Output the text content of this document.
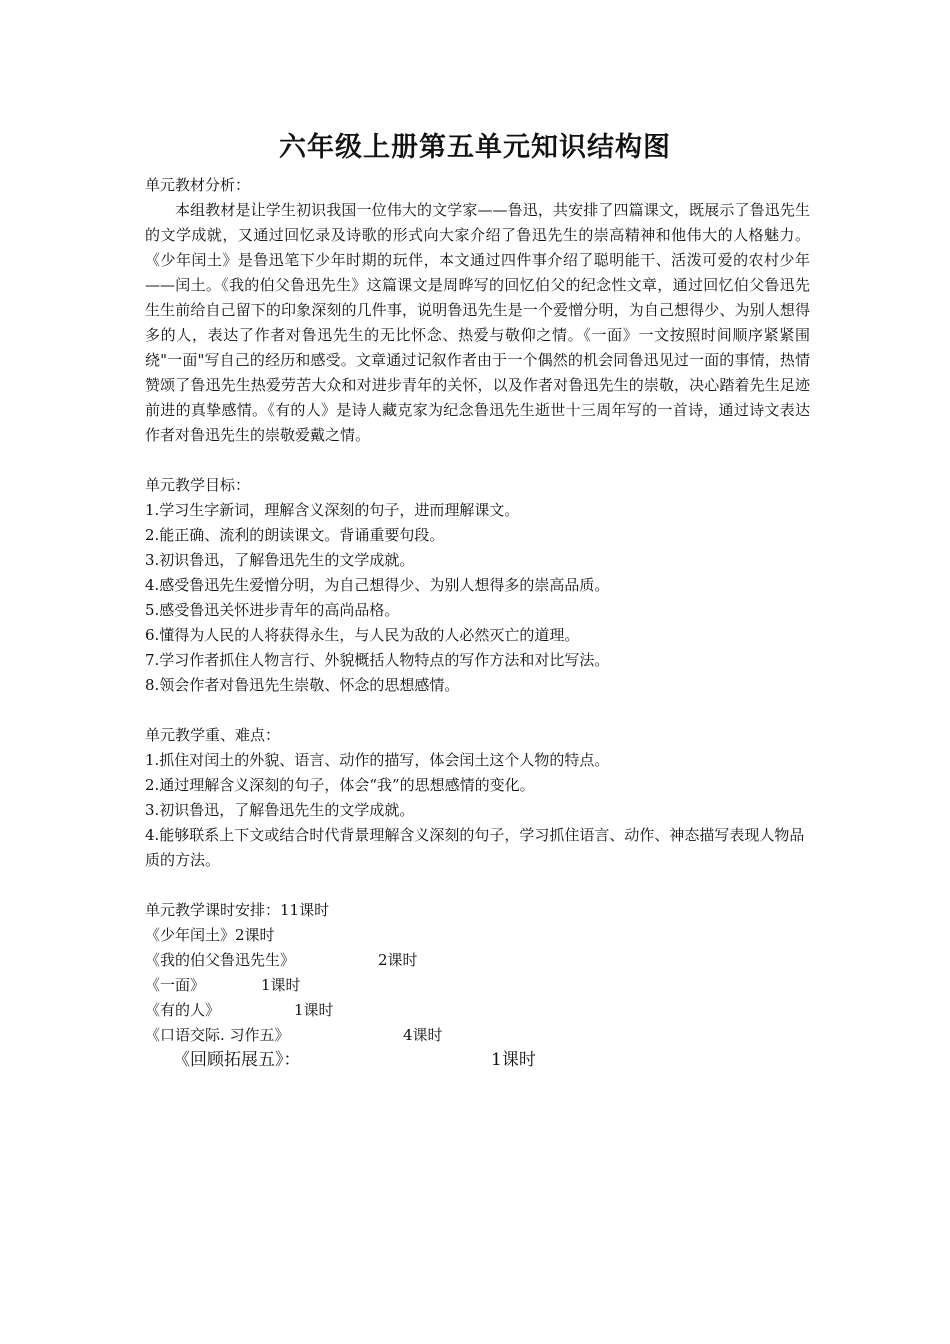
六年级上册第五单元知识结构图

单元教材分析：

本组教材是让学生初识我国一位伟大的文学家——鲁迅，共安排了四篇课文，既展示了鲁迅先生的文学成就，又通过回忆录及诗歌的形式向大家介绍了鲁迅先生的崇高精神和他伟大的人格魅力。《少年闰土》是鲁迅笔下少年时期的玩伴，本文通过四件事介绍了聪明能干、活泼可爱的农村少年——闰土。《我的伯父鲁迅先生》这篇课文是周晔写的回忆伯父的纪念性文章，通过回忆伯父鲁迅先生生前给自己留下的印象深刻的几件事，说明鲁迅先生是一个爱憎分明，为自己想得少、为别人想得多的人，表达了作者对鲁迅先生的无比怀念、热爱与敬仰之情。《一面》一文按照时间顺序紧紧围绕"一面"写自己的经历和感受。文章通过记叙作者由于一个偶然的机会同鲁迅见过一面的事情，热情赞颂了鲁迅先生热爱劳苦大众和对进步青年的关怀，以及作者对鲁迅先生的崇敬，决心踏着先生足迹前进的真挚感情。《有的人》是诗人藏克家为纪念鲁迅先生逝世十三周年写的一首诗，通过诗文表达作者对鲁迅先生的崇敬爱戴之情。

单元教学目标：

1.学习生字新词，理解含义深刻的句子，进而理解课文。

2.能正确、流利的朗读课文。背诵重要句段。

3.初识鲁迅，了解鲁迅先生的文学成就。

4.感受鲁迅先生爱憎分明，为自己想得少、为别人想得多的崇高品质。

5.感受鲁迅关怀进步青年的高尚品格。

6.懂得为人民的人将获得永生，与人民为敌的人必然灭亡的道理。

7.学习作者抓住人物言行、外貌概括人物特点的写作方法和对比写法。

8.领会作者对鲁迅先生崇敬、怀念的思想感情。

单元教学重、难点：

1.抓住对闰土的外貌、语言、动作的描写，体会闰土这个人物的特点。

2.通过理解含义深刻的句子，体会“我”的思想感情的变化。

3.初识鲁迅，了解鲁迅先生的文学成就。

4.能够联系上下文或结合时代背景理解含义深刻的句子，学习抓住语言、动作、神态描写表现人物品质的方法。

单元教学课时安排：11课时

《少年闰土》2课时
《我的伯父鲁迅先生》	2课时
《一面》	1课时
《有的人》	1课时
《口语交际. 习作五》	4课时
《回顾拓展五》：	1课时
